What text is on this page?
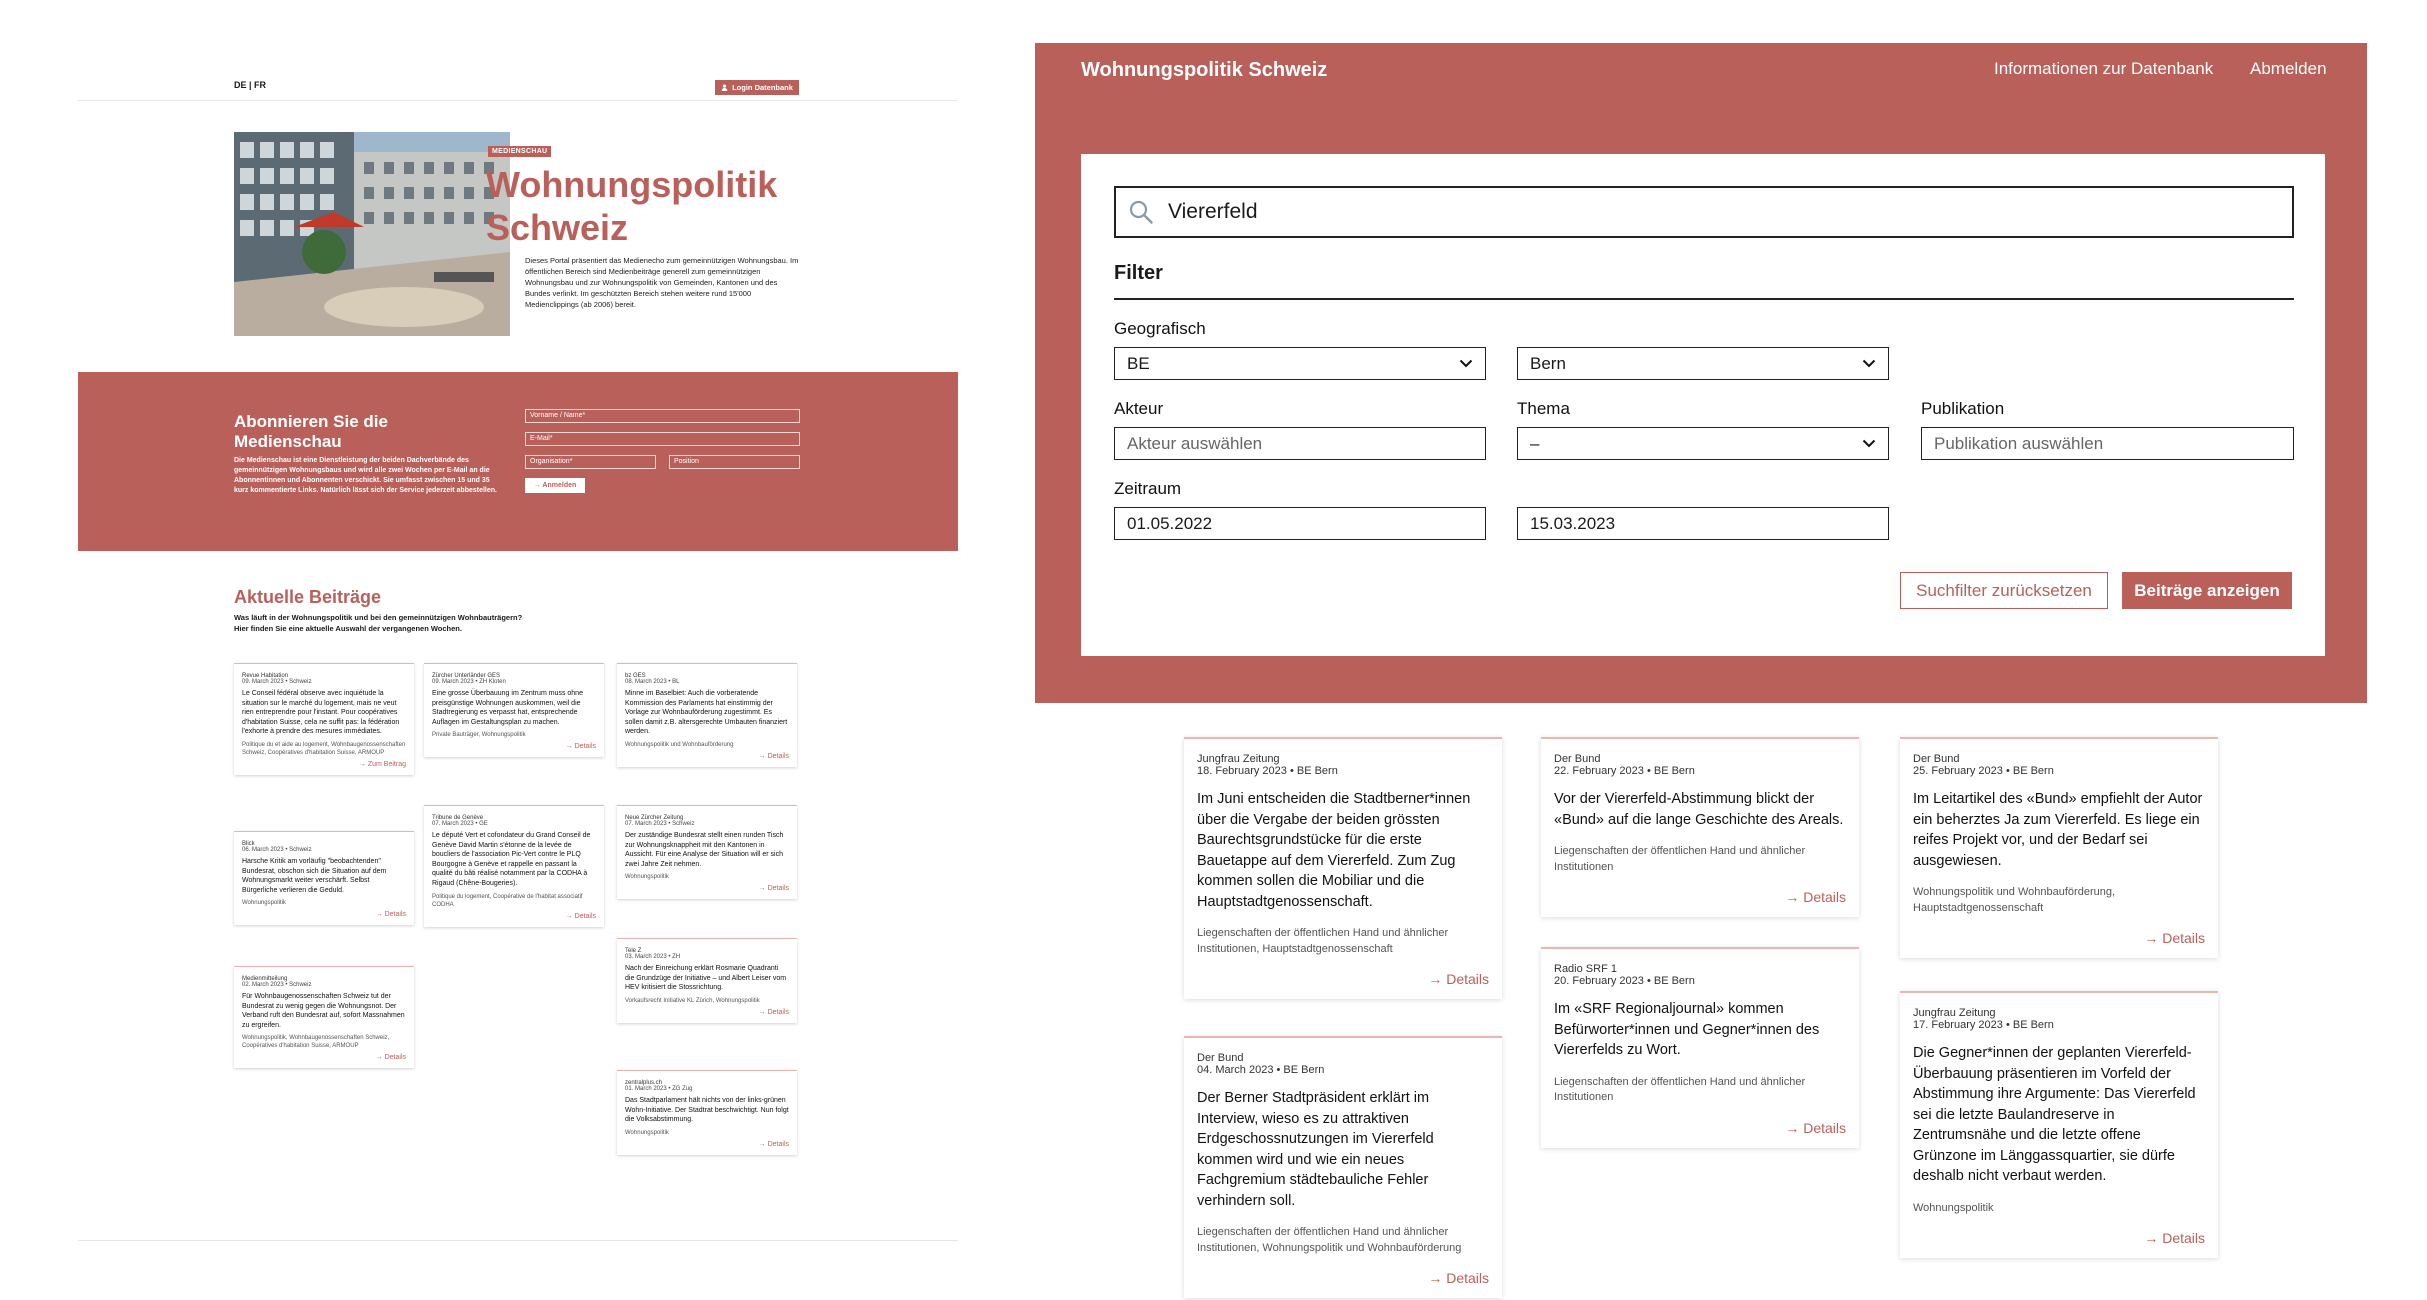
DE | FR	Login Datenbank
MEDIENSCHAU
Wohnungspolitik Schweiz
Dieses Portal präsentiert das Medienecho zum gemeinnützigen Wohnungsbau. Im öffentlichen Bereich sind Medienbeiträge generell zum gemeinnützigen Wohnungsbau und zur Wohnungspolitik von Gemeinden, Kantonen und des Bundes verlinkt. Im geschützten Bereich stehen weitere rund 15'000 Medienclippings (ab 2006) bereit.
Abonnieren Sie die Medienschau
Die Medienschau ist eine Dienstleistung der beiden Dachverbände des gemeinnützigen Wohnungsbaus und wird alle zwei Wochen per E-Mail an die Abonnentinnen und Abonnenten verschickt. Sie umfasst zwischen 15 und 35 kurz kommentierte Links. Natürlich lässt sich der Service jederzeit abbestellen.
Vorname / Name*
E-Mail*
Organisation*	Position
→ Anmelden
Aktuelle Beiträge
Was läuft in der Wohnungspolitik und bei den gemeinnützigen Wohnbauträgern? Hier finden Sie eine aktuelle Auswahl der vergangenen Wochen.
Revue Habitation
09. March 2023 • Schweiz
Le Conseil fédéral observe avec inquiétude la situation sur le marché du logement, mais ne veut rien entreprendre pour l'instant. Pour coopératives d'habitation Suisse, cela ne suffit pas: la fédération l'exhorte à prendre des mesures immédiates.
Politique du et aide au logement, Wohnbaugenossenschaften Schweiz, Coopératives d'habitation Suisse, ARMOUP
→ Zum Beitrag
Blick
06. March 2023 • Schweiz
Harsche Kritik am vorläufig "beobachtenden" Bundesrat, obschon sich die Situation auf dem Wohnungsmarkt weiter verschärft. Selbst Bürgerliche verlieren die Geduld.
Wohnungspolitik
→ Details
Medienmitteilung
02. March 2023 • Schweiz
Für Wohnbaugenossenschaften Schweiz tut der Bundesrat zu wenig gegen die Wohnungsnot. Der Verband ruft den Bundesrat auf, sofort Massnahmen zu ergreifen.
Wohnungspolitik, Wohnbaugenossenschaften Schweiz, Coopératives d'habitation Suisse, ARMOUP
→ Details
Zürcher Unterländer GES
09. March 2023 • ZH Kloten
Eine grosse Überbauung im Zentrum muss ohne preisgünstige Wohnungen auskommen, weil die Stadtregierung es verpasst hat, entsprechende Auflagen im Gestaltungsplan zu machen.
Private Bauträger, Wohnungspolitik
→ Details
Tribune de Genève
07. March 2023 • GE
Le député Vert et cofondateur du Grand Conseil de Genève David Martin s'étonne de la levée de boucliers de l'association Pic-Vert contre le PLQ Bourgogne à Genève et rappelle en passant la qualité du bâti réalisé notamment par la CODHA à Rigaud (Chêne-Bougeries).
Politique du logement, Coopérative de l'habitat associatif CODHA
→ Details
bz GES
08. March 2023 • BL
Minne im Baselbiet: Auch die vorberatende Kommission des Parlaments hat einstimmig der Vorlage zur Wohnbauförderung zugestimmt. Es sollen damit z.B. altersgerechte Umbauten finanziert werden.
Wohnungspolitik und Wohnbauförderung
→ Details
Neue Zürcher Zeitung
07. March 2023 • Schweiz
Der zuständige Bundesrat stellt einen runden Tisch zur Wohnungsknappheit mit den Kantonen in Aussicht. Für eine Analyse der Situation will er sich zwei Jahre Zeit nehmen.
Wohnungspolitik
→ Details
Tele Z
03. March 2023 • ZH
Nach der Einreichung erklärt Rosmarie Quadranti die Grundzüge der Initiative – und Albert Leiser vom HEV kritisiert die Stossrichtung.
Vorkaufsrecht Initiative KL Zürich, Wohnungspolitik
→ Details
zentralplus.ch
01. March 2023 • ZG Zug
Das Stadtparlament hält nichts von der links-grünen Wohn-Initiative. Der Stadtrat beschwichtigt. Nun folgt die Volksabstimmung.
Wohnungspolitik
→ Details
Wohnungspolitik Schweiz	Informationen zur Datenbank Abmelden
Viererfeld
Filter
Geografisch
BE	Bern
Akteur
Akteur auswählen
Thema
–
Publikation
Publikation auswählen
Zeitraum
01.05.2022	15.03.2023
Suchfilter zurücksetzen	Beiträge anzeigen
Jungfrau Zeitung
18. February 2023 • BE Bern
Im Juni entscheiden die Stadtberner*innen über die Vergabe der beiden grössten Baurechtsgrundstücke für die erste Bauetappe auf dem Viererfeld. Zum Zug kommen sollen die Mobiliar und die Hauptstadtgenossenschaft.
Liegenschaften der öffentlichen Hand und ähnlicher Institutionen, Hauptstadtgenossenschaft
→ Details
Der Bund
04. March 2023 • BE Bern
Der Berner Stadtpräsident erklärt im Interview, wieso es zu attraktiven Erdgeschossnutzungen im Viererfeld kommen wird und wie ein neues Fachgremium städtebauliche Fehler verhindern soll.
Liegenschaften der öffentlichen Hand und ähnlicher Institutionen, Wohnungspolitik und Wohnbauförderung
→ Details
Der Bund
22. February 2023 • BE Bern
Vor der Viererfeld-Abstimmung blickt der «Bund» auf die lange Geschichte des Areals.
Liegenschaften der öffentlichen Hand und ähnlicher Institutionen
→ Details
Radio SRF 1
20. February 2023 • BE Bern
Im «SRF Regionaljournal» kommen Befürworter*innen und Gegner*innen des Viererfelds zu Wort.
Liegenschaften der öffentlichen Hand und ähnlicher Institutionen
→ Details
Der Bund
25. February 2023 • BE Bern
Im Leitartikel des «Bund» empfiehlt der Autor ein beherztes Ja zum Viererfeld. Es liege ein reifes Projekt vor, und der Bedarf sei ausgewiesen.
Wohnungspolitik und Wohnbauförderung, Hauptstadtgenossenschaft
→ Details
Jungfrau Zeitung
17. February 2023 • BE Bern
Die Gegner*innen der geplanten Viererfeld-Überbauung präsentieren im Vorfeld der Abstimmung ihre Argumente: Das Viererfeld sei die letzte Baulandreserve in Zentrumsnähe und die letzte offene Grünzone im Länggassquartier, sie dürfe deshalb nicht verbaut werden.
Wohnungspolitik
→ Details
